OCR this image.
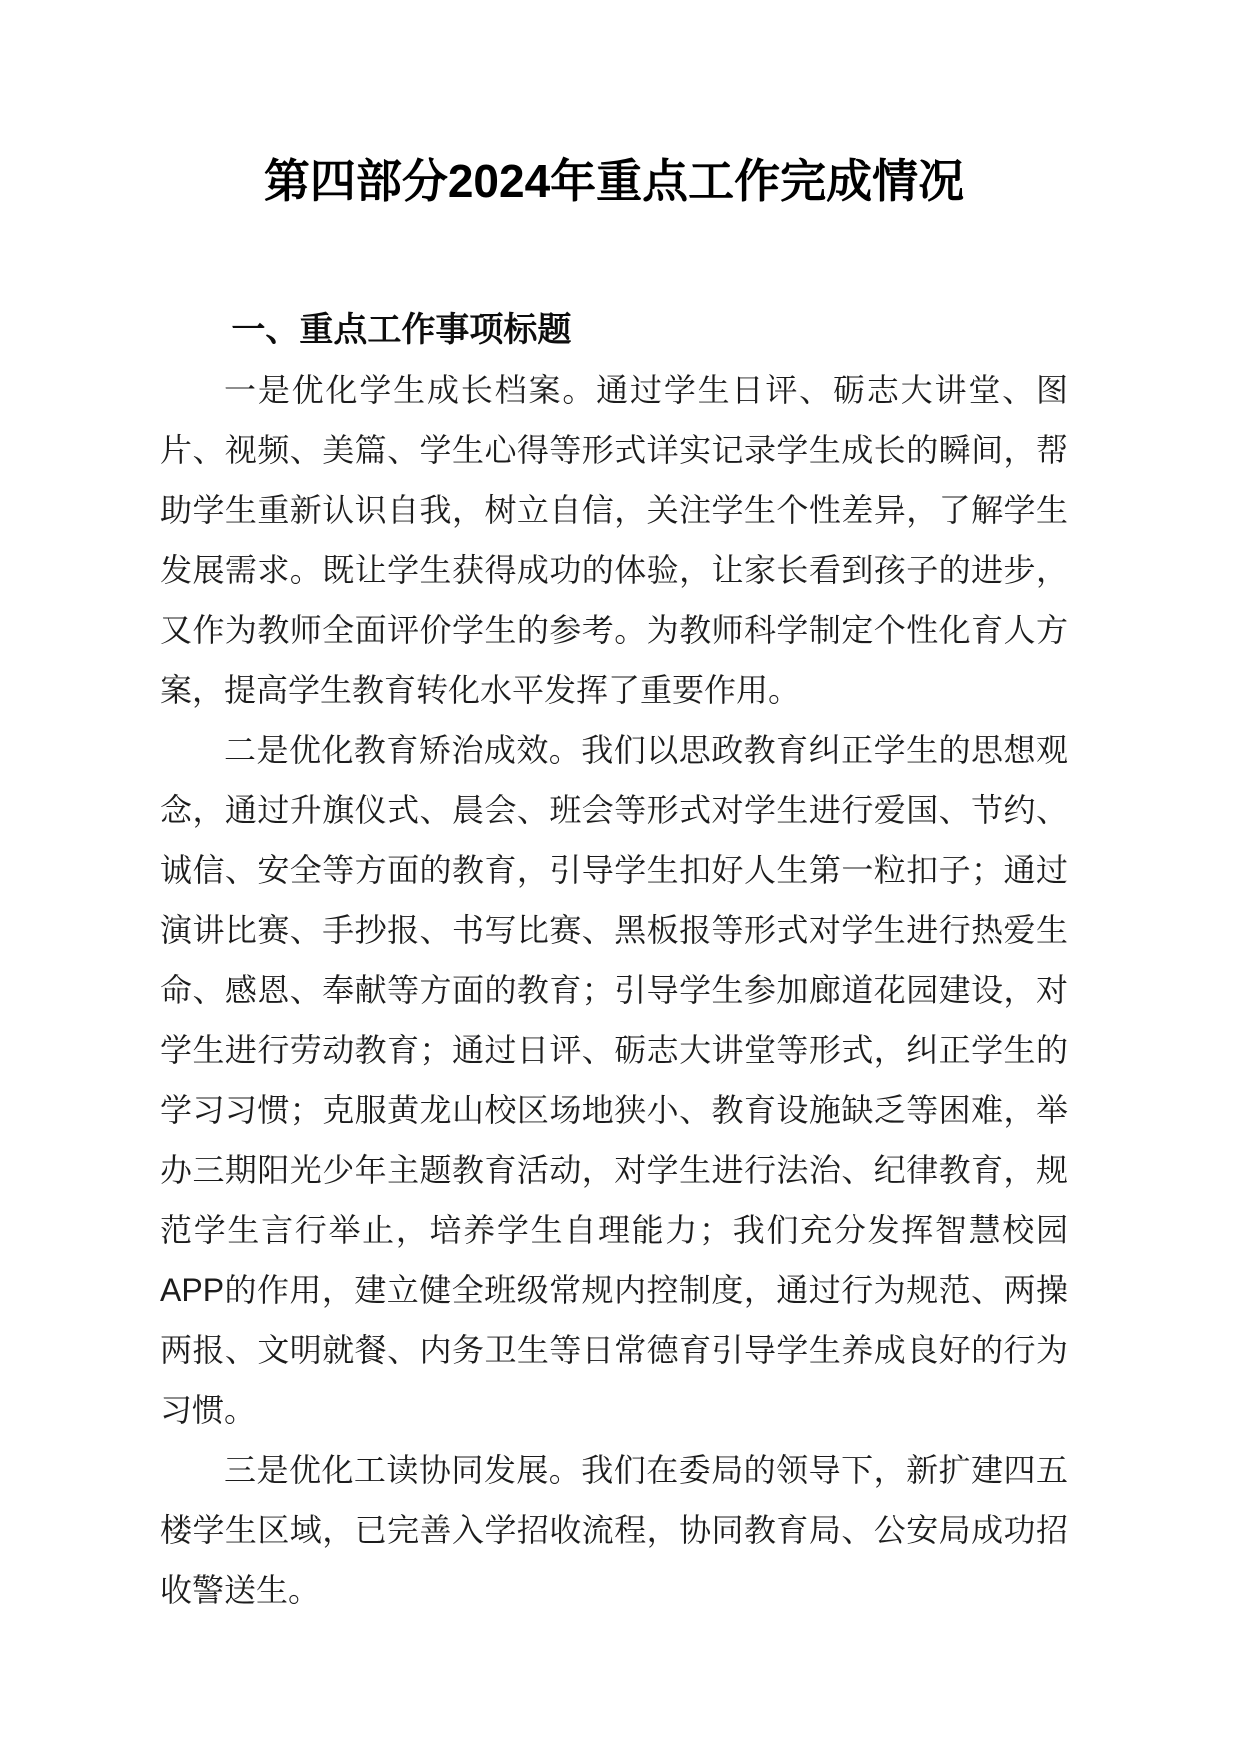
第四部分2024年重点工作完成情况
一、重点工作事项标题

一是优化学生成长档案。通过学生日评、砺志大讲堂、图片、视频、美篇、学生心得等形式详实记录学生成长的瞬间，帮助学生重新认识自我，树立自信，关注学生个性差异，了解学生发展需求。既让学生获得成功的体验，让家长看到孩子的进步，又作为教师全面评价学生的参考。为教师科学制定个性化育人方案，提高学生教育转化水平发挥了重要作用。

二是优化教育矫治成效。我们以思政教育纠正学生的思想观念，通过升旗仪式、晨会、班会等形式对学生进行爱国、节约、诚信、安全等方面的教育，引导学生扣好人生第一粒扣子；通过演讲比赛、手抄报、书写比赛、黑板报等形式对学生进行热爱生命、感恩、奉献等方面的教育；引导学生参加廊道花园建设，对学生进行劳动教育；通过日评、砺志大讲堂等形式，纠正学生的学习习惯；克服黄龙山校区场地狭小、教育设施缺乏等困难，举办三期阳光少年主题教育活动，对学生进行法治、纪律教育，规范学生言行举止，培养学生自理能力；我们充分发挥智慧校园APP的作用，建立健全班级常规内控制度，通过行为规范、两操两报、文明就餐、内务卫生等日常德育引导学生养成良好的行为习惯。

三是优化工读协同发展。我们在委局的领导下，新扩建四五楼学生区域，已完善入学招收流程，协同教育局、公安局成功招收警送生。
